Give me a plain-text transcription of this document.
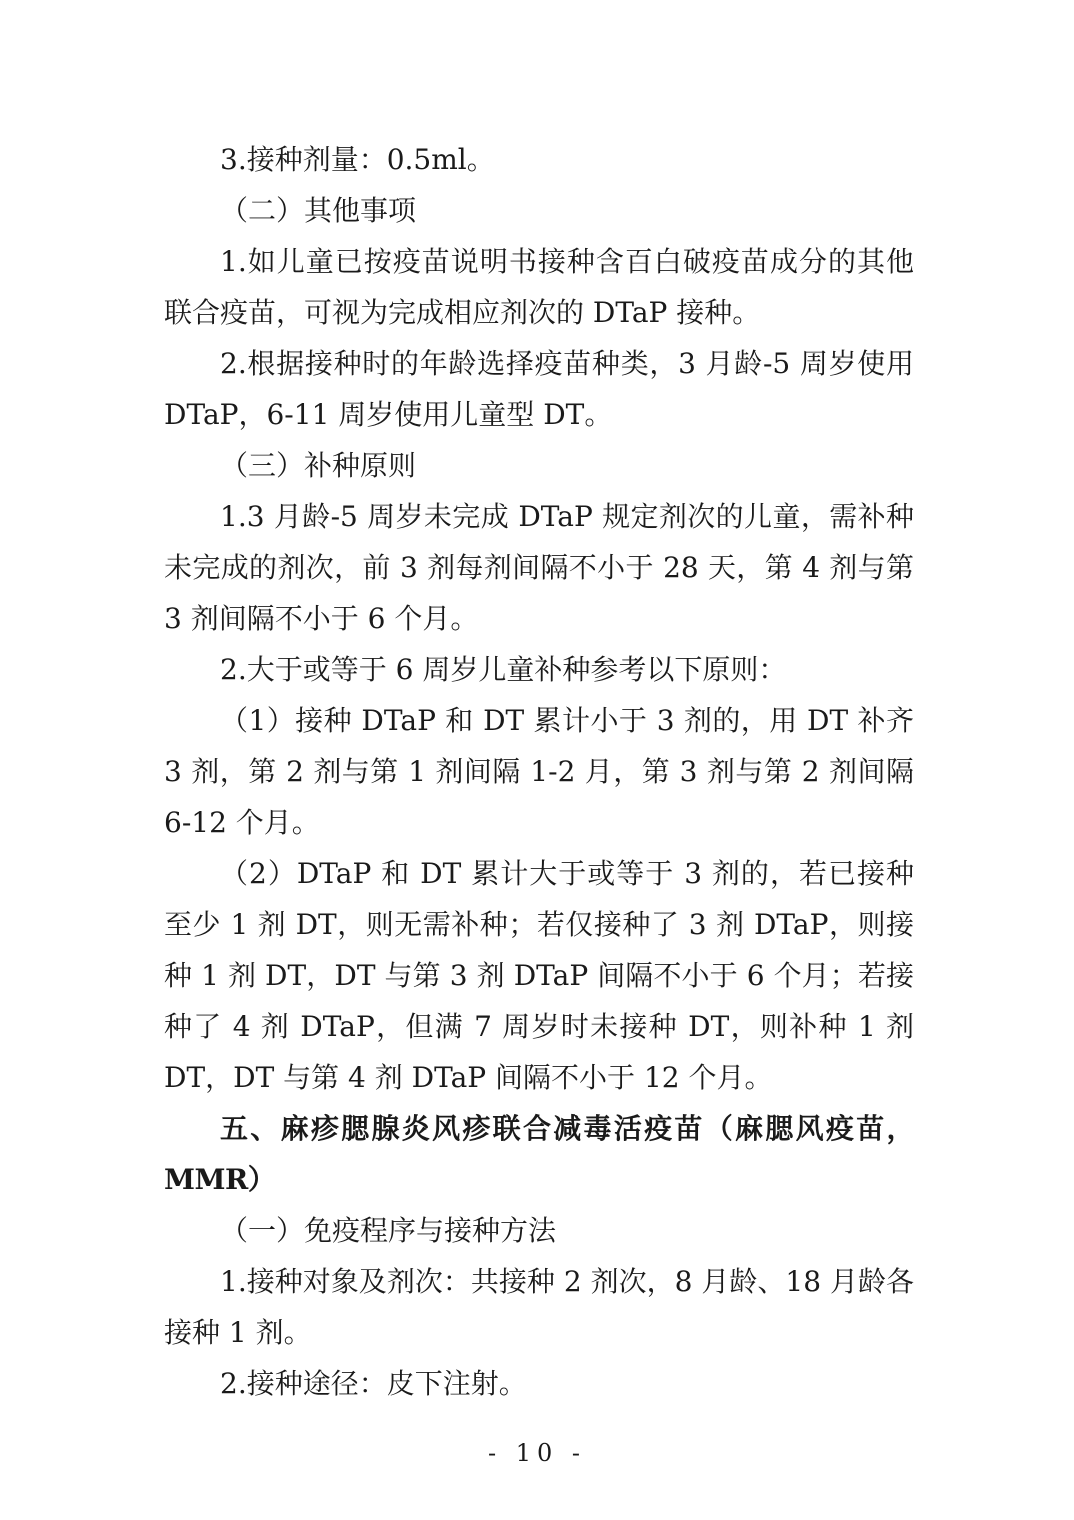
3.接种剂量：0.5ml。

（二）其他事项

1.如儿童已按疫苗说明书接种含百白破疫苗成分的其他联合疫苗，可视为完成相应剂次的 DTaP 接种。

2.根据接种时的年龄选择疫苗种类，3 月龄-5 周岁使用 DTaP，6-11 周岁使用儿童型 DT。

（三）补种原则

1.3 月龄-5 周岁未完成 DTaP 规定剂次的儿童，需补种未完成的剂次，前 3 剂每剂间隔不小于 28 天，第 4 剂与第 3 剂间隔不小于 6 个月。

2.大于或等于 6 周岁儿童补种参考以下原则：

（1）接种 DTaP 和 DT 累计小于 3 剂的，用 DT 补齐 3 剂，第 2 剂与第 1 剂间隔 1-2 月，第 3 剂与第 2 剂间隔 6-12 个月。

（2）DTaP 和 DT 累计大于或等于 3 剂的，若已接种至少 1 剂 DT，则无需补种；若仅接种了 3 剂 DTaP，则接种 1 剂 DT，DT 与第 3 剂 DTaP 间隔不小于 6 个月；若接种了 4 剂 DTaP，但满 7 周岁时未接种 DT，则补种 1 剂 DT，DT 与第 4 剂 DTaP 间隔不小于 12 个月。

五、麻疹腮腺炎风疹联合减毒活疫苗（麻腮风疫苗，MMR）

（一）免疫程序与接种方法

1.接种对象及剂次：共接种 2 剂次，8 月龄、18 月龄各接种 1 剂。

2.接种途径：皮下注射。

- 10 -
